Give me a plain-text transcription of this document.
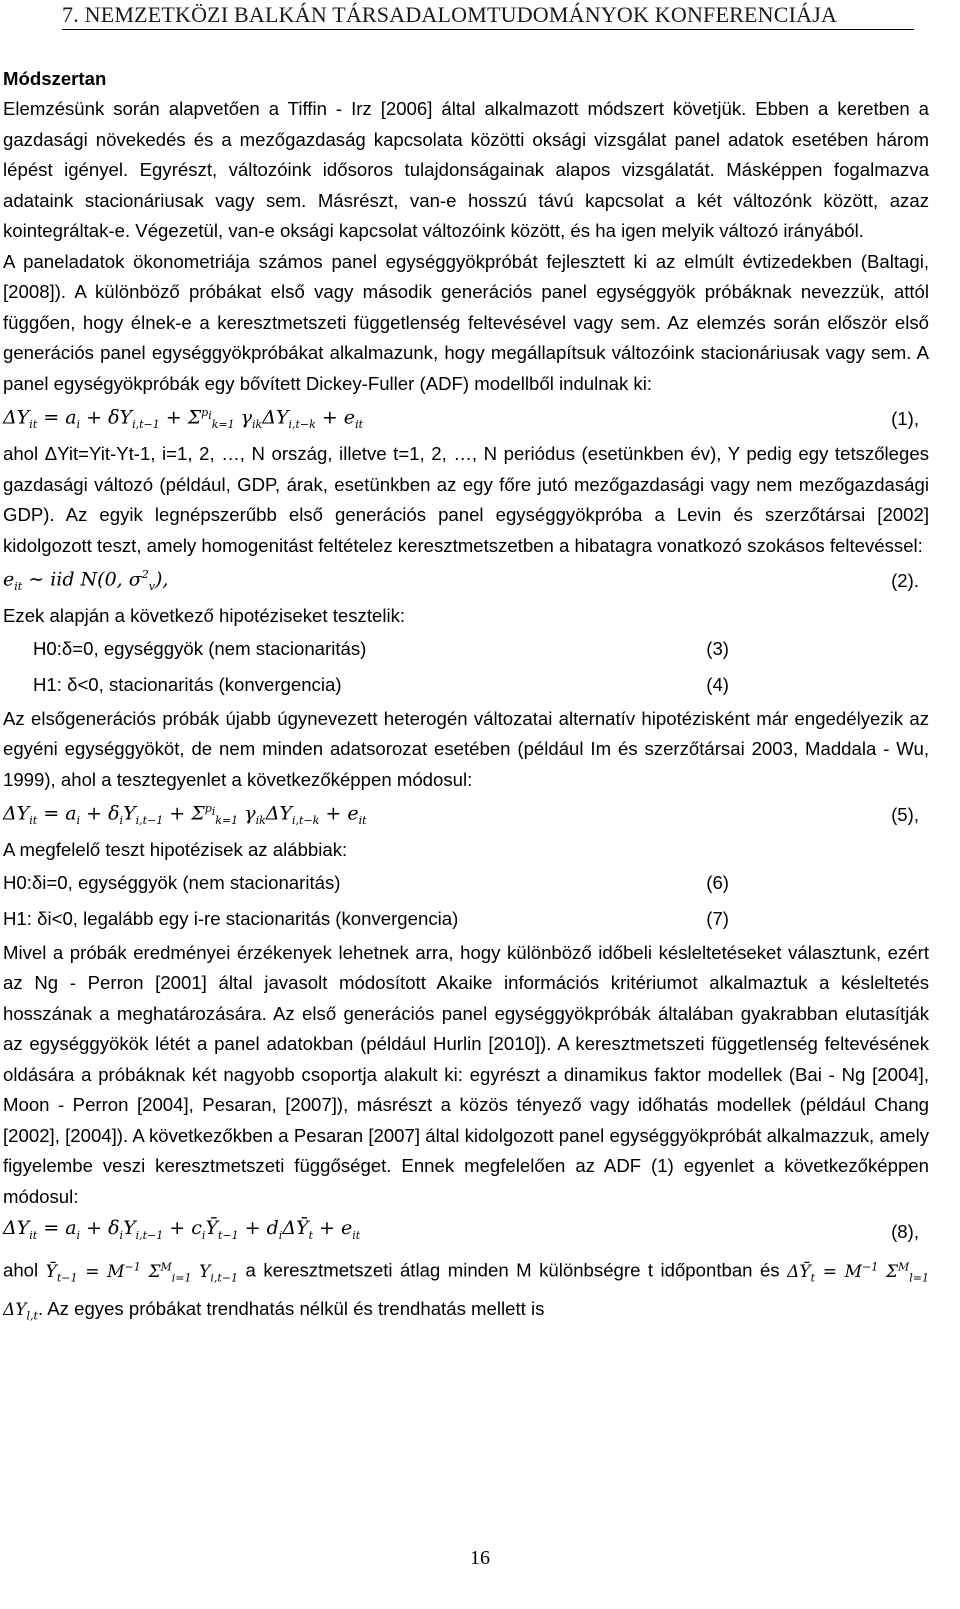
7. NEMZETKÖZI BALKÁN TÁRSADALOMTUDOMÁNYOK KONFERENCIÁJA
Módszertan

Elemzésünk során alapvetően a Tiffin - Irz [2006] által alkalmazott módszert követjük. Ebben a keretben a gazdasági növekedés és a mezőgazdaság kapcsolata közötti oksági vizsgálat panel adatok esetében három lépést igényel. Egyrészt, változóink idősoros tulajdonságainak alapos vizsgálatát. Másképpen fogalmazva adataink stacionáriusak vagy sem. Másrészt, van-e hosszú távú kapcsolat a két változónk között, azaz kointegráltak-e. Végezetül, van-e oksági kapcsolat változóink között, és ha igen melyik változó irányából.

A paneladatok ökonometriája számos panel egységgyökpróbát fejlesztett ki az elmúlt évtizedekben (Baltagi, [2008]). A különböző próbákat első vagy második generációs panel egységgyök próbáknak nevezzük, attól függően, hogy élnek-e a keresztmetszeti függetlenség feltevésével vagy sem. Az elemzés során először első generációs panel egységgyökpróbákat alkalmazunk, hogy megállapítsuk változóink stacionáriusak vagy sem. A panel egységyökpróbák egy bővített Dickey-Fuller (ADF) modellből indulnak ki:

$\Delta Y_{it} = a_i + \delta Y_{i,t-1} + \Sigma^{p_i}_{k=1}$ $\gamma_{ik}\Delta Y_{i,t-k} + e_{it}$	(1),

ahol ΔYit=Yit-Yt-1, i=1, 2, …, N ország, illetve t=1, 2, …, N periódus (esetünkben év), Y pedig egy tetszőleges gazdasági változó (például, GDP, árak, esetünkben az egy főre jutó mezőgazdasági vagy nem mezőgazdasági GDP). Az egyik legnépszerűbb első generációs panel egységgyökpróba a Levin és szerzőtársai [2002] kidolgozott teszt, amely homogenitást feltételez keresztmetszetben a hibatagra vonatkozó szokásos feltevéssel:

$e_{it}$ ∼ iid N(0, $\sigma^2_v$),	(2).

Ezek alapján a következő hipotéziseket tesztelik:

H0:δ=0, egységgyök (nem stacionaritás)	(3)
H1: δ<0, stacionaritás (konvergencia)	(4)

Az elsőgenerációs próbák újabb úgynevezett heterogén változatai alternatív hipotézisként már engedélyezik az egyéni egységgyököt, de nem minden adatsorozat esetében (például Im és szerzőtársai 2003, Maddala - Wu, 1999), ahol a tesztegyenlet a következőképpen módosul:

$\Delta Y_{it} = a_i + \delta_iY_{i,t-1} + \Sigma^{p_i}_{k=1}$ $\gamma_{ik}\Delta Y_{i,t-k} + e_{it}$	(5),

A megfelelő teszt hipotézisek az alábbiak:

H0:δi=0, egységgyök (nem stacionaritás)	(6)
H1: δi<0, legalább egy i-re stacionaritás (konvergencia)	(7)

Mivel a próbák eredményei érzékenyek lehetnek arra, hogy különböző időbeli késleltetéseket választunk, ezért az Ng - Perron [2001] által javasolt módosított Akaike információs kritériumot alkalmaztuk a késleltetés hosszának a meghatározására. Az első generációs panel egységgyökpróbák általában gyakrabban elutasítják az egységgyökök létét a panel adatokban (például Hurlin [2010]). A keresztmetszeti függetlenség feltevésének oldására a próbáknak két nagyobb csoportja alakult ki: egyrészt a dinamikus faktor modellek (Bai - Ng [2004], Moon - Perron [2004], Pesaran, [2007]), másrészt a közös tényező vagy időhatás modellek (például Chang [2002], [2004]). A következőkben a Pesaran [2007] által kidolgozott panel egységgyökpróbát alkalmazzuk, amely figyelembe veszi keresztmetszeti függőséget. Ennek megfelelően az ADF (1) egyenlet a következőképpen módosul:

$\Delta Y_{it} = a_i + \delta_iY_{i,t-1}$ + $c_iȲ_{t-1}$ + $d_i\Delta Ȳ_t + e_{it}$	(8),

ahol $Ȳ_{t-1} = M^{-1}$ $\Sigma^M_{i=1}$ $Y_{i,t-1}$ a keresztmetszeti átlag minden M különbségre t időpontban és $\Delta Ȳ_t = M^{-1}$ $\Sigma^M_{l=1}$ $\Delta Y_{l,t}$. Az egyes próbákat trendhatás nélkül és trendhatás mellett is

16
